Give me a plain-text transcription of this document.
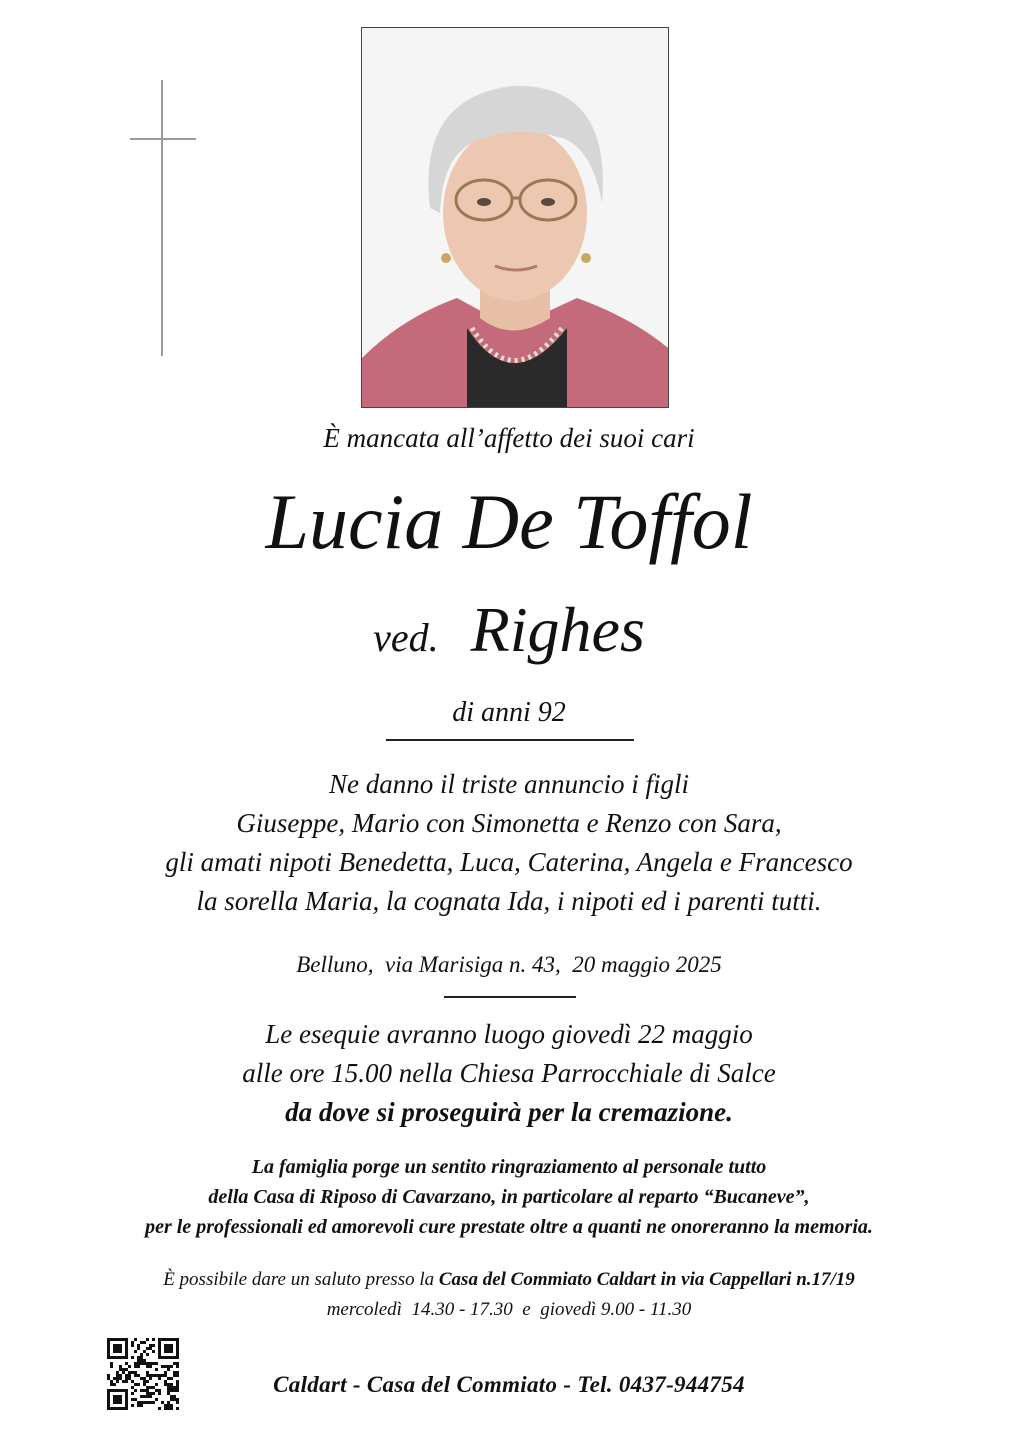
È mancata all’affetto dei suoi cari
Lucia De Toffol
ved. Righes
di anni 92
Ne danno il triste annuncio i figli
Giuseppe, Mario con Simonetta e Renzo con Sara,
gli amati nipoti Benedetta, Luca, Caterina, Angela e Francesco
la sorella Maria, la cognata Ida, i nipoti ed i parenti tutti.
Belluno,  via Marisiga n. 43,  20 maggio 2025
Le esequie avranno luogo giovedì 22 maggio
alle ore 15.00 nella Chiesa Parrocchiale di Salce
da dove si proseguirà per la cremazione.
La famiglia porge un sentito ringraziamento al personale tutto
della Casa di Riposo di Cavarzano, in particolare al reparto “Bucaneve”,
per le professionali ed amorevoli cure prestate oltre a quanti ne onoreranno la memoria.
È possibile dare un saluto presso la Casa del Commiato Caldart in via Cappellari n.17/19
mercoledì  14.30 - 17.30  e  giovedì 9.00 - 11.30
Caldart - Casa del Commiato - Tel. 0437-944754
